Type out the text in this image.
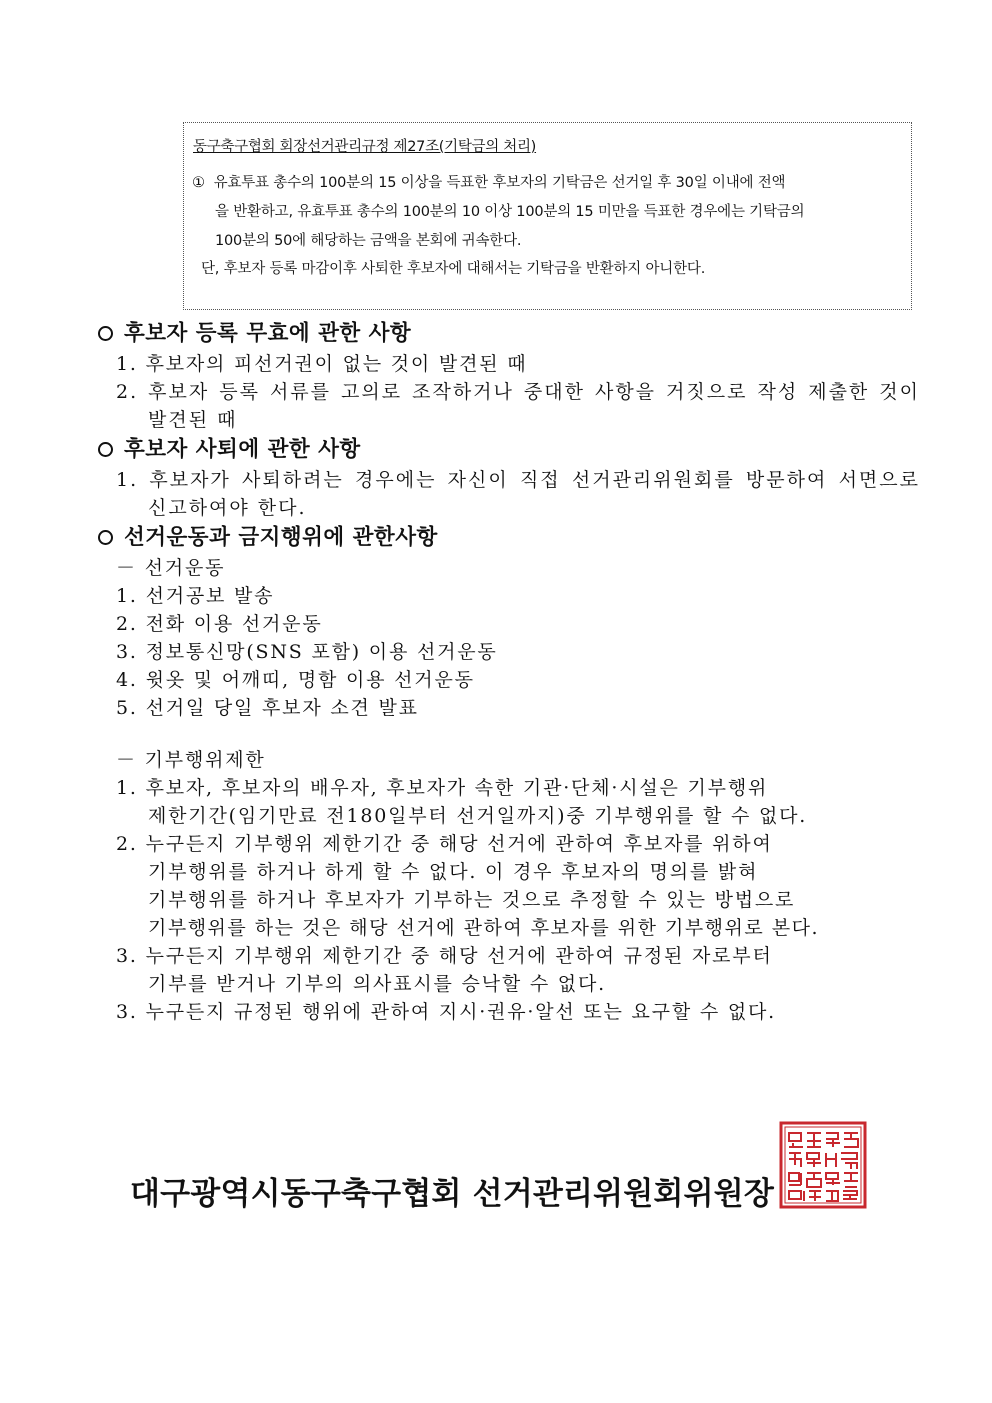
동구축구협회 회장선거관리규정 제27조(기탁금의 처리)
① 유효투표 총수의 100분의 15 이상을 득표한 후보자의 기탁금은 선거일 후 30일 이내에 전액
을 반환하고, 유효투표 총수의 100분의 10 이상 100분의 15 미만을 득표한 경우에는 기탁금의
100분의 50에 해당하는 금액을 본회에 귀속한다.
단, 후보자 등록 마감이후 사퇴한 후보자에 대해서는 기탁금을 반환하지 아니한다.
후보자 등록 무효에 관한 사항
1. 후보자의 피선거권이 없는 것이 발견된 때
2. 후보자 등록 서류를 고의로 조작하거나 중대한 사항을 거짓으로 작성 제출한 것이 발견된 때
후보자 사퇴에 관한 사항
1. 후보자가 사퇴하려는 경우에는 자신이 직접 선거관리위원회를 방문하여 서면으로 신고하여야 한다.
선거운동과 금지행위에 관한사항
－ 선거운동
1. 선거공보 발송
2. 전화 이용 선거운동
3. 정보통신망(SNS 포함) 이용 선거운동
4. 윗옷 및 어깨띠, 명함 이용 선거운동
5. 선거일 당일 후보자 소견 발표
－ 기부행위제한
1. 후보자, 후보자의 배우자, 후보자가 속한 기관·단체·시설은 기부행위
제한기간(임기만료 전180일부터 선거일까지)중 기부행위를 할 수 없다.
2. 누구든지 기부행위 제한기간 중 해당 선거에 관하여 후보자를 위하여
기부행위를 하거나 하게 할 수 없다. 이 경우 후보자의 명의를 밝혀
기부행위를 하거나 후보자가 기부하는 것으로 추정할 수 있는 방법으로
기부행위를 하는 것은 해당 선거에 관하여 후보자를 위한 기부행위로 본다.
3. 누구든지 기부행위 제한기간 중 해당 선거에 관하여 규정된 자로부터
기부를 받거나 기부의 의사표시를 승낙할 수 없다.
3. 누구든지 규정된 행위에 관하여 지시·권유·알선 또는 요구할 수 없다.
대구광역시동구축구협회 선거관리위원회위원장
